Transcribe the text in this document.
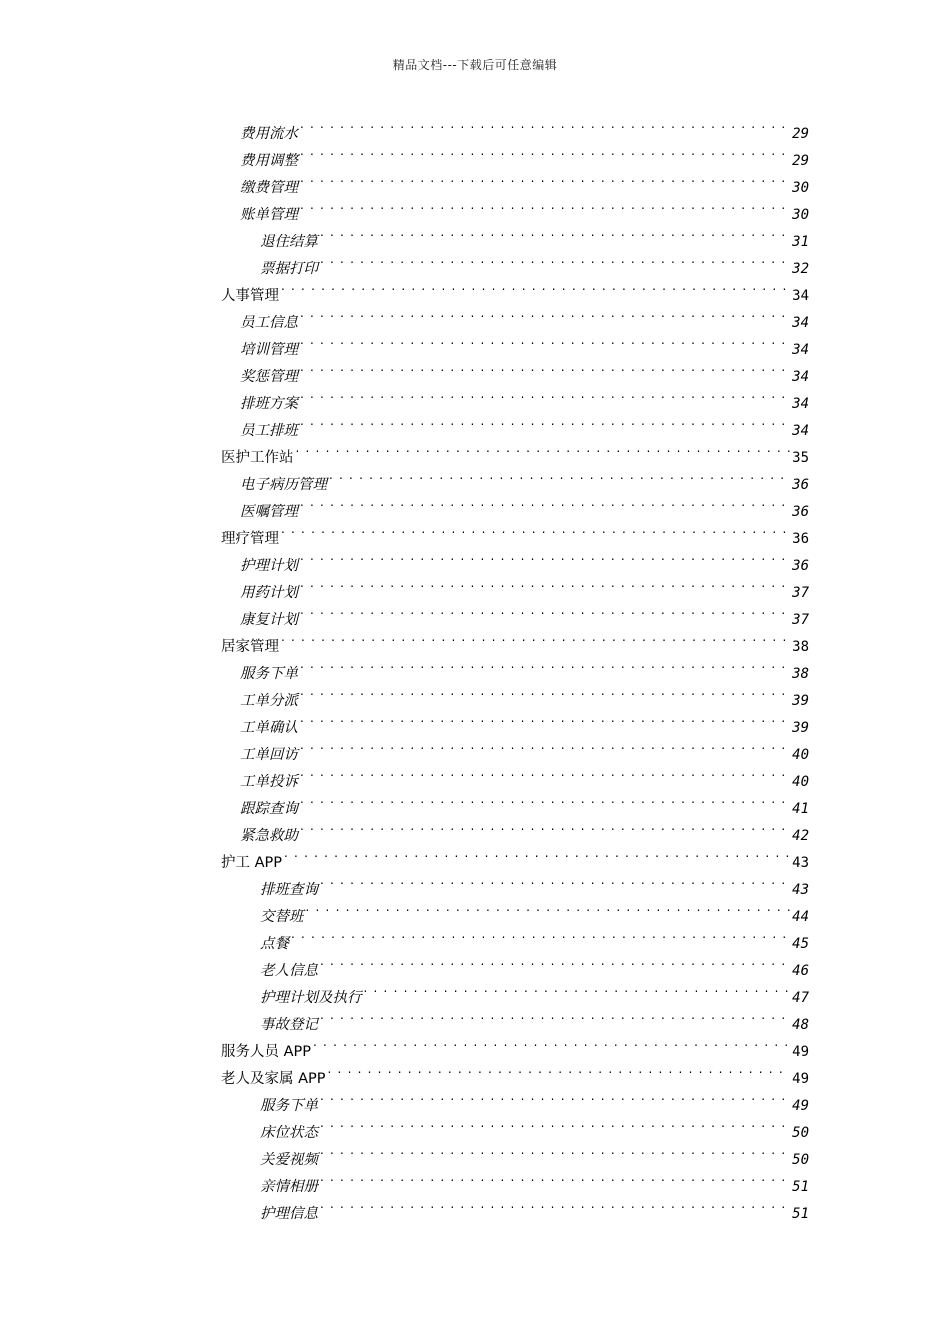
精品文档---下载后可任意编辑
费用流水 . . .	29
费用调整 . . .	29
缴费管理 . . .	30
账单管理 . . .	30
退住结算 . . .	31
票据打印 . . .	32
人事管理 . . .	34
员工信息 . . .	34
培训管理 . . .	34
奖惩管理 . . .	34
排班方案 . . .	34
员工排班 . . .	34
医护工作站 . . .	35
电子病历管理 . . .	36
医嘱管理 . . .	36
理疗管理 . . .	36
护理计划 . . .	36
用药计划 . . .	37
康复计划 . . .	37
居家管理 . . .	38
服务下单 . . .	38
工单分派 . . .	39
工单确认 . . .	39
工单回访 . . .	40
工单投诉 . . .	40
跟踪查询 . . .	41
紧急救助 . . .	42
护工 APP . . .	43
排班查询 . . .	43
交替班 . . .	44
点餐 . . .	45
老人信息 . . .	46
护理计划及执行 . . .	47
事故登记 . . .	48
服务人员 APP . . .	49
老人及家属 APP . . .	49
服务下单 . . .	49
床位状态 . . .	50
关爱视频 . . .	50
亲情相册 . . .	51
护理信息 . . .	51
